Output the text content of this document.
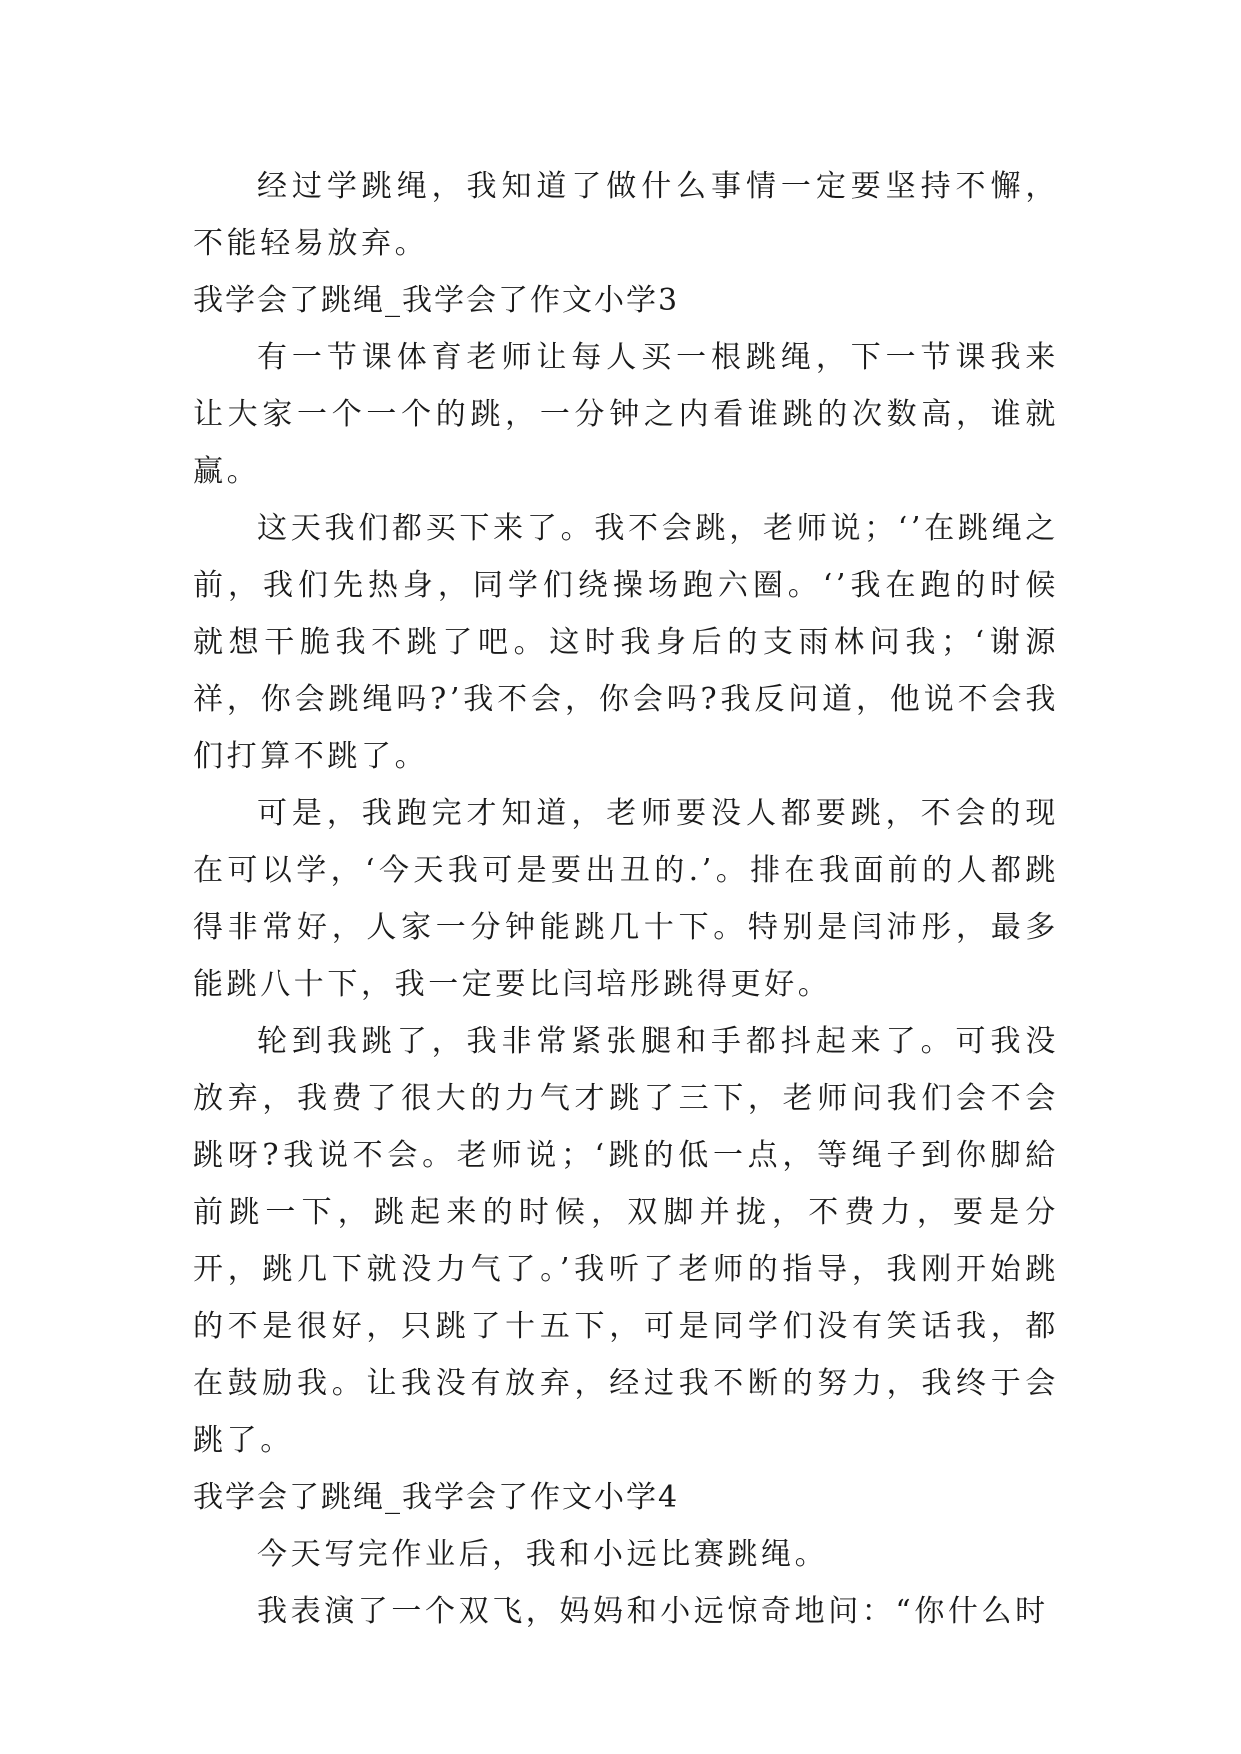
经过学跳绳，我知道了做什么事情一定要坚持不懈，不能轻易放弃。

我学会了跳绳_我学会了作文小学3

有一节课体育老师让每人买一根跳绳，下一节课我来让大家一个一个的跳，一分钟之内看谁跳的次数高，谁就赢。

这天我们都买下来了。我不会跳，老师说；‘’在跳绳之前，我们先热身，同学们绕操场跑六圈。‘’我在跑的时候就想干脆我不跳了吧。这时我身后的支雨林问我；‘谢源祥，你会跳绳吗?’我不会，你会吗?我反问道，他说不会我们打算不跳了。

可是，我跑完才知道，老师要没人都要跳，不会的现在可以学，‘今天我可是要出丑的.’。排在我面前的人都跳得非常好，人家一分钟能跳几十下。特别是闫沛彤，最多能跳八十下，我一定要比闫培彤跳得更好。

轮到我跳了，我非常紧张腿和手都抖起来了。可我没放弃，我费了很大的力气才跳了三下，老师问我们会不会跳呀?我说不会。老师说；‘跳的低一点，等绳子到你脚給前跳一下，跳起来的时候，双脚并拢，不费力，要是分开，跳几下就没力气了。’我听了老师的指导，我刚开始跳的不是很好，只跳了十五下，可是同学们没有笑话我，都在鼓励我。让我没有放弃，经过我不断的努力，我终于会跳了。

我学会了跳绳_我学会了作文小学4

今天写完作业后，我和小远比赛跳绳。

我表演了一个双飞，妈妈和小远惊奇地问：“你什么时
